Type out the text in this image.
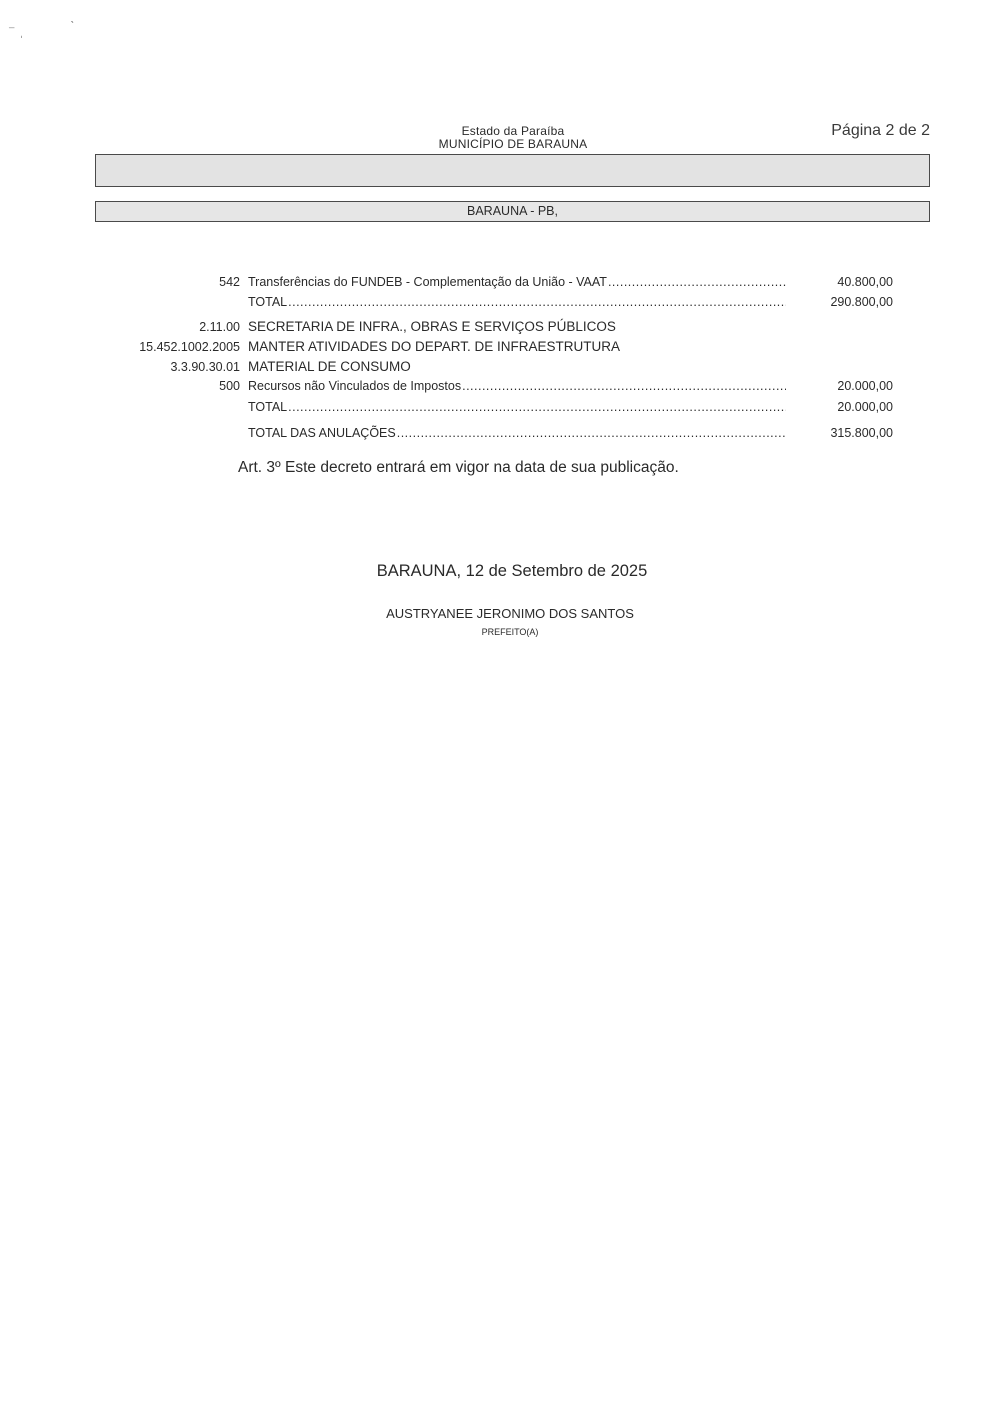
⁻ ˌ	ˋ
Estado da Paraíba
MUNICÍPIO DE BARAUNA
Página 2 de 2
BARAUNA - PB,
542 Transferências do FUNDEB - Complementação da União - VAAT .....	40.800,00
TOTAL .....	290.800,00
2.11.00 SECRETARIA DE INFRA., OBRAS E SERVIÇOS PÚBLICOS
15.452.1002.2005 MANTER ATIVIDADES DO DEPART. DE INFRAESTRUTURA
3.3.90.30.01 MATERIAL DE CONSUMO
500 Recursos não Vinculados de Impostos .....	20.000,00
TOTAL .....	20.000,00
TOTAL DAS ANULAÇÕES .....	315.800,00
Art. 3º Este decreto entrará em vigor na data de sua publicação.
BARAUNA, 12 de Setembro de 2025
AUSTRYANEE JERONIMO DOS SANTOS
PREFEITO(A)
